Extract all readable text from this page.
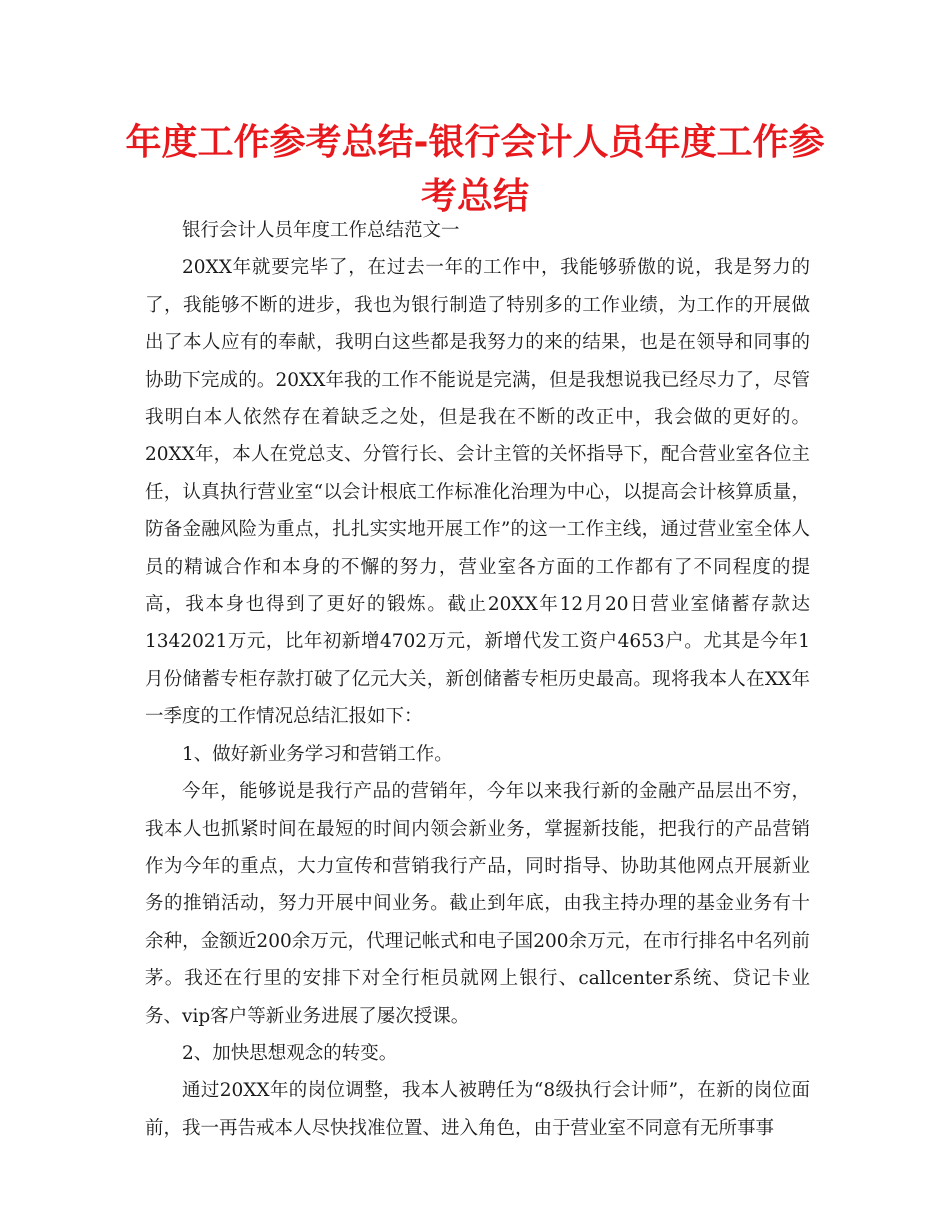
年度工作参考总结-银行会计人员年度工作参考总结

银行会计人员年度工作总结范文一

20XX年就要完毕了，在过去一年的工作中，我能够骄傲的说，我是努力的了，我能够不断的进步，我也为银行制造了特别多的工作业绩，为工作的开展做出了本人应有的奉献，我明白这些都是我努力的来的结果，也是在领导和同事的协助下完成的。20XX年我的工作不能说是完满，但是我想说我已经尽力了，尽管我明白本人依然存在着缺乏之处，但是我在不断的改正中，我会做的更好的。20XX年，本人在党总支、分管行长、会计主管的关怀指导下，配合营业室各位主任，认真执行营业室“以会计根底工作标准化治理为中心，以提高会计核算质量，防备金融风险为重点，扎扎实实地开展工作”的这一工作主线，通过营业室全体人员的精诚合作和本身的不懈的努力，营业室各方面的工作都有了不同程度的提高，我本身也得到了更好的锻炼。截止20XX年12月20日营业室储蓄存款达1342021万元，比年初新增4702万元，新增代发工资户4653户。尤其是今年1月份储蓄专柜存款打破了亿元大关，新创储蓄专柜历史最高。现将我本人在XX年一季度的工作情况总结汇报如下：

1、做好新业务学习和营销工作。

今年，能够说是我行产品的营销年，今年以来我行新的金融产品层出不穷，我本人也抓紧时间在最短的时间内领会新业务，掌握新技能，把我行的产品营销作为今年的重点，大力宣传和营销我行产品，同时指导、协助其他网点开展新业务的推销活动，努力开展中间业务。截止到年底，由我主持办理的基金业务有十余种，金额近200余万元，代理记帐式和电子国200余万元，在市行排名中名列前茅。我还在行里的安排下对全行柜员就网上银行、callcenter系统、贷记卡业务、vip客户等新业务进展了屡次授课。

2、加快思想观念的转变。

通过20XX年的岗位调整，我本人被聘任为“8级执行会计师”，在新的岗位面前，我一再告戒本人尽快找准位置、进入角色，由于营业室不同意有无所事事
